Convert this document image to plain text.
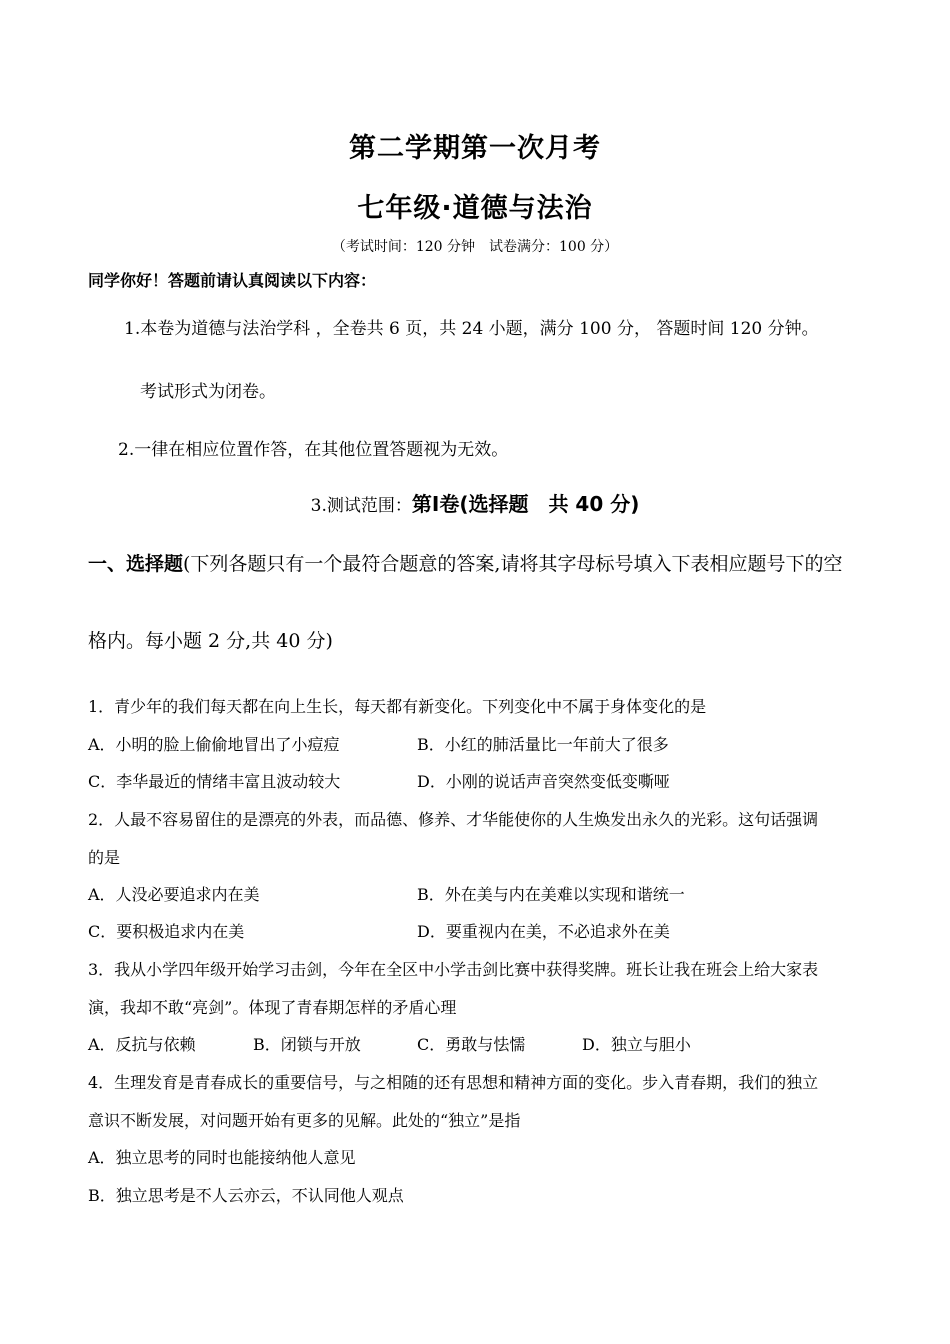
第二学期第一次月考
七年级·道德与法治
（考试时间：120 分钟　试卷满分：100 分）
同学你好！答题前请认真阅读以下内容：
1.本卷为道德与法治学科 ，全卷共 6 页，共 24 小题，满分 100 分， 答题时间 120 分钟。
考试形式为闭卷。
2.一律在相应位置作答，在其他位置答题视为无效。
3.测试范围：第Ⅰ卷(选择题　共 40 分)
一、选择题(下列各题只有一个最符合题意的答案,请将其字母标号填入下表相应题号下的空
格内。每小题 2 分,共 40 分)
1．青少年的我们每天都在向上生长，每天都有新变化。下列变化中不属于身体变化的是
A．小明的脸上偷偷地冒出了小痘痘	B．小红的肺活量比一年前大了很多
C．李华最近的情绪丰富且波动较大	D．小刚的说话声音突然变低变嘶哑
2．人最不容易留住的是漂亮的外表，而品德、修养、才华能使你的人生焕发出永久的光彩。这句话强调
的是
A．人没必要追求内在美	B．外在美与内在美难以实现和谐统一
C．要积极追求内在美	D．要重视内在美，不必追求外在美
3．我从小学四年级开始学习击剑，今年在全区中小学击剑比赛中获得奖牌。班长让我在班会上给大家表
演，我却不敢“亮剑”。体现了青春期怎样的矛盾心理
A．反抗与依赖	B．闭锁与开放	C．勇敢与怯懦	D．独立与胆小
4．生理发育是青春成长的重要信号，与之相随的还有思想和精神方面的变化。步入青春期，我们的独立
意识不断发展，对问题开始有更多的见解。此处的“独立”是指
A．独立思考的同时也能接纳他人意见
B．独立思考是不人云亦云，不认同他人观点
